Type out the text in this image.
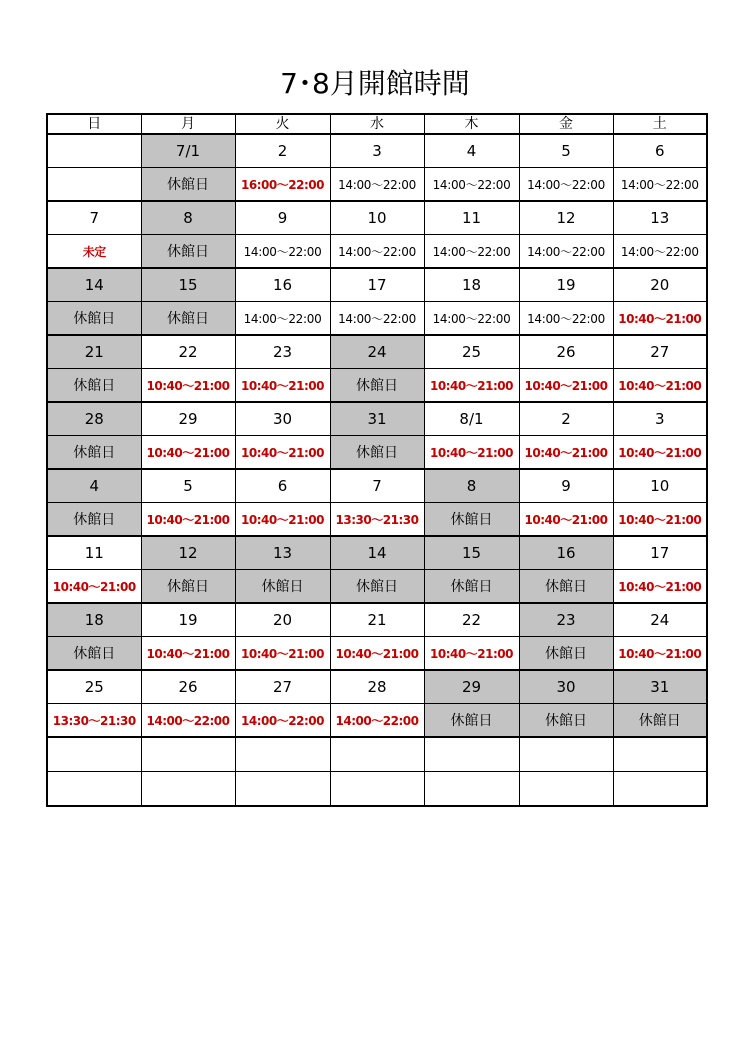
7･8月開館時間
日	月	火	水	木	金	土
	7/1	2	3	4	5	6
	休館日	16:00～22:00	14:00～22:00	14:00～22:00	14:00～22:00	14:00～22:00
7	8	9	10	11	12	13
未定	休館日	14:00～22:00	14:00～22:00	14:00～22:00	14:00～22:00	14:00～22:00
14	15	16	17	18	19	20
休館日	休館日	14:00～22:00	14:00～22:00	14:00～22:00	14:00～22:00	10:40～21:00
21	22	23	24	25	26	27
休館日	10:40～21:00	10:40～21:00	休館日	10:40～21:00	10:40～21:00	10:40～21:00
28	29	30	31	8/1	2	3
休館日	10:40～21:00	10:40～21:00	休館日	10:40～21:00	10:40～21:00	10:40～21:00
4	5	6	7	8	9	10
休館日	10:40～21:00	10:40～21:00	13:30～21:30	休館日	10:40～21:00	10:40～21:00
11	12	13	14	15	16	17
10:40～21:00	休館日	休館日	休館日	休館日	休館日	10:40～21:00
18	19	20	21	22	23	24
休館日	10:40～21:00	10:40～21:00	10:40～21:00	10:40～21:00	休館日	10:40～21:00
25	26	27	28	29	30	31
13:30～21:30	14:00～22:00	14:00～22:00	14:00～22:00	休館日	休館日	休館日
